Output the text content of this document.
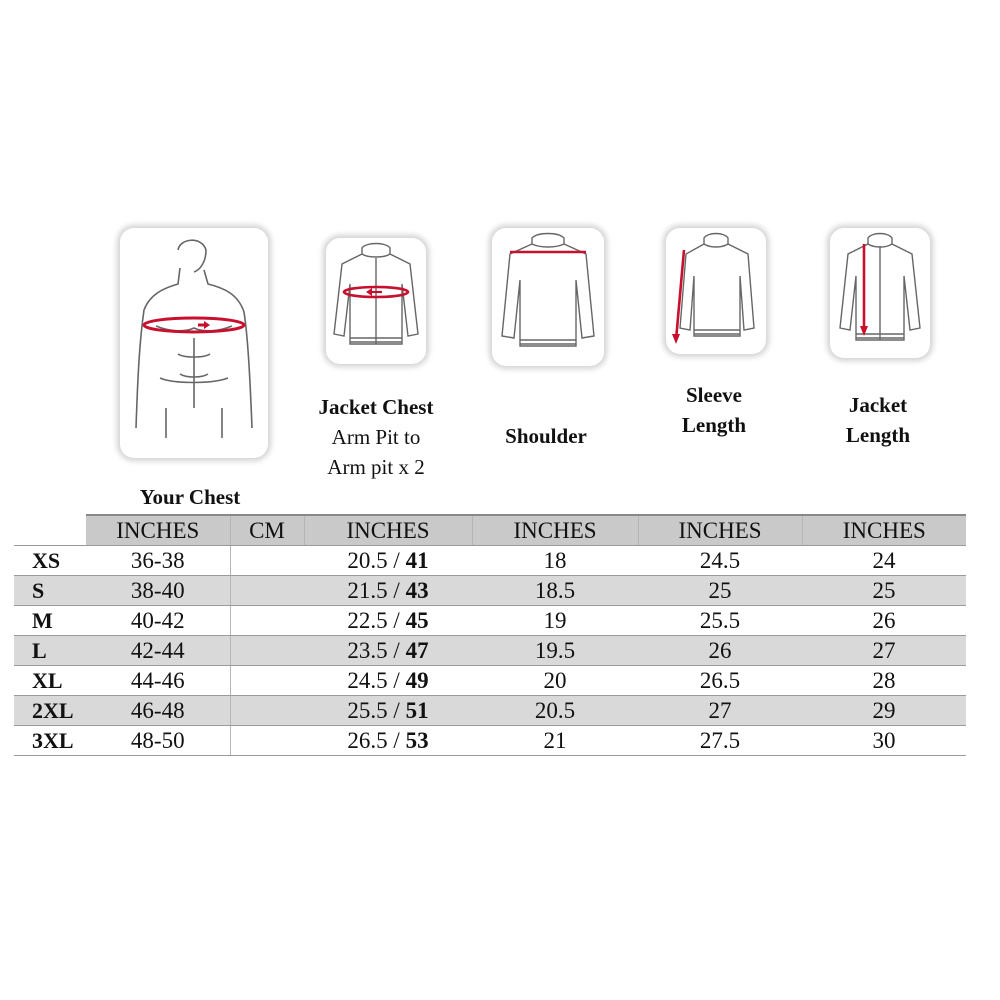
Jacket Chest
Arm Pit to
Arm pit x 2
Shoulder
Sleeve
Length
Jacket
Length
Your Chest
	INCHES	CM	INCHES	INCHES	INCHES	INCHES
XS	36-38		20.5 / 41	18	24.5	24
S	38-40		21.5 / 43	18.5	25	25
M	40-42		22.5 / 45	19	25.5	26
L	42-44		23.5 / 47	19.5	26	27
XL	44-46		24.5 / 49	20	26.5	28
2XL	46-48		25.5 / 51	20.5	27	29
3XL	48-50		26.5 / 53	21	27.5	30
